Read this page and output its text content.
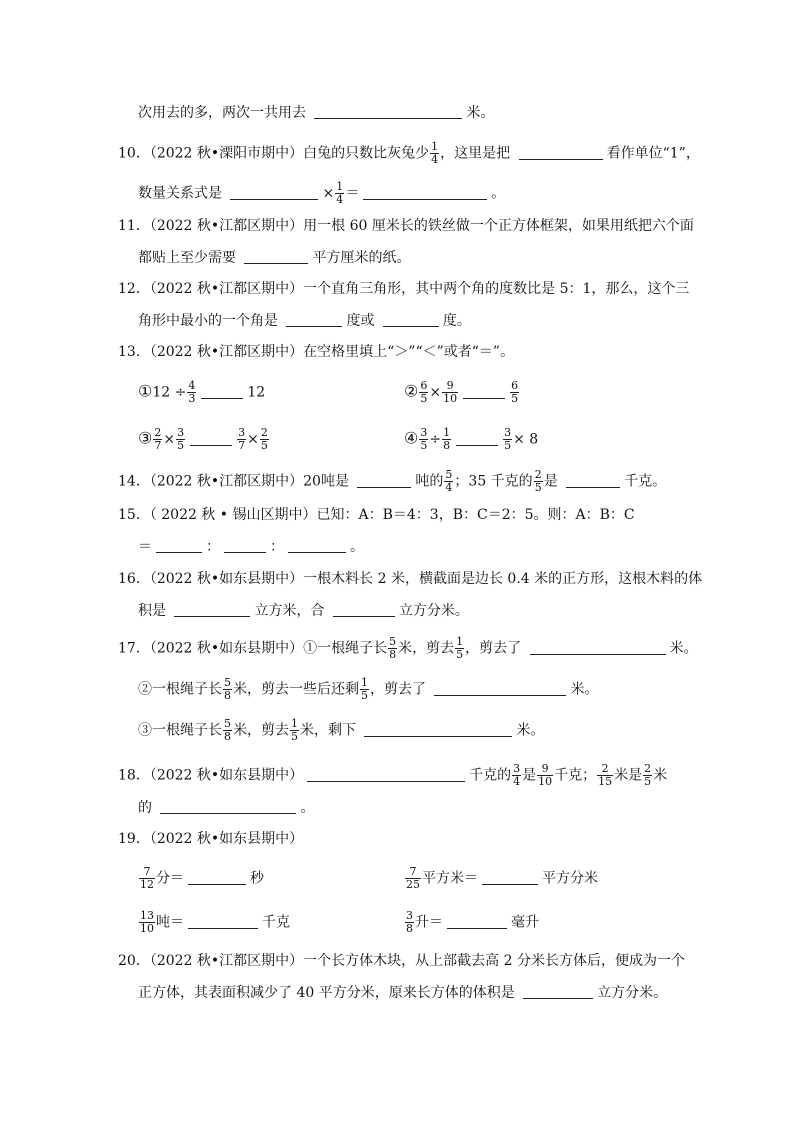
次用去的多，两次一共用去	米。
10．（2022 秋•溧阳市期中）白兔的只数比灰兔少 $\frac{1}{4}$ ，这里是把	看作单位“1”，
数量关系式是	× $\frac{1}{4}$ ＝	。
11．（2022 秋•江都区期中）用一根 60 厘米长的铁丝做一个正方体框架，如果用纸把六个面
都贴上至少需要	平方厘米的纸。
12．（2022 秋•江都区期中）一个直角三角形，其中两个角的度数比是 5：1，那么，这个三
角形中最小的一个角是	度或	度。
13．（2022 秋•江都区期中）在空格里填上“＞”“＜”或者“＝”。
①12 ÷ $\frac{4}{3}$	12	② $\frac{6}{5} \times \frac{9}{10}$	$\frac{6}{5}$
③ $\frac{2}{7} \times \frac{3}{5}$	$\frac{3}{7} \times \frac{2}{5}$	④ $\frac{3}{5} \div \frac{1}{8}$	$\frac{3}{5} \times 8$
14．（2022 秋•江都区期中）20吨是	吨的 $\frac{5}{4}$ ；35 千克的 $\frac{2}{5}$ 是	千克。
15．（ 2022 秋 • 锡山区期中）已知：A：B＝4：3，B：C＝2：5。则：A：B：C
＝	：	：	。
16．（2022 秋•如东县期中）一根木料长 2 米，横截面是边长 0.4 米的正方形，这根木料的体
积是	立方米，合	立方分米。
17．（2022 秋•如东县期中）①一根绳子长 $\frac{5}{8}$ 米，剪去 $\frac{1}{5}$ ，剪去了	米。
②一根绳子长 $\frac{5}{8}$ 米，剪去一些后还剩 $\frac{1}{5}$ ，剪去了	米。
③一根绳子长 $\frac{5}{8}$ 米，剪去 $\frac{1}{5}$ 米，剩下	米。
18．（2022 秋•如东县期中）	千克的 $\frac{3}{4}$ 是 $\frac{9}{10}$ 千克； $\frac{2}{15}$ 米是 $\frac{2}{5}$ 米
的	。
19．（2022 秋•如东县期中）
$\frac{7}{12}$ 分＝	秒	$\frac{7}{25}$ 平方米＝	平方分米
$\frac{13}{10}$ 吨＝	千克	$\frac{3}{8}$ 升＝	毫升
20．（2022 秋•江都区期中）一个长方体木块，从上部截去高 2 分米长方体后，便成为一个
正方体，其表面积减少了 40 平方分米，原来长方体的体积是	立方分米。
